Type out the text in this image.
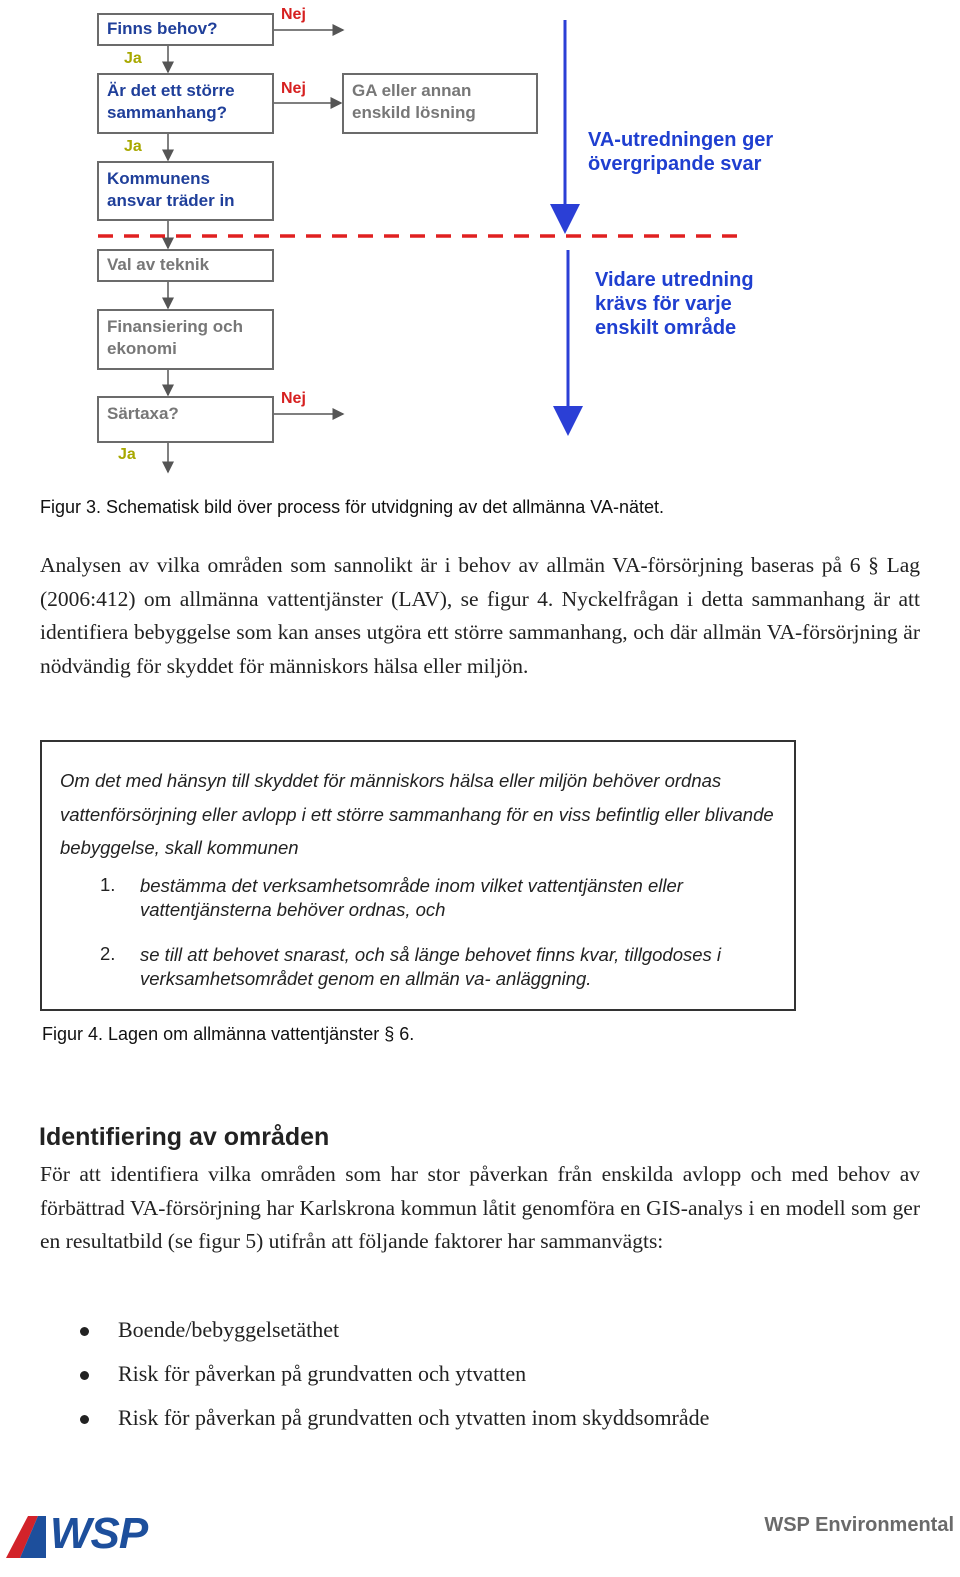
Finns behov?
Är det ett större sammanhang?
GA eller annan enskild lösning
Kommunens ansvar träder in
Val av teknik
Finansiering och ekonomi
Särtaxa?
Nej
Ja
Nej
Ja
Nej
Ja
VA-utredningen ger övergripande svar
Vidare utredning krävs för varje enskilt område
Figur 3. Schematisk bild över process för utvidgning av det allmänna VA-nätet.
Analysen av vilka områden som sannolikt är i behov av allmän VA-försörjning baseras på 6 § Lag (2006:412) om allmänna vattentjänster (LAV), se figur 4. Nyckelfrågan i detta sammanhang är att identifiera bebyggelse som kan anses utgöra ett större sammanhang, och där allmän VA-försörjning är nödvändig för skyddet för människors hälsa eller miljön.
Om det med hänsyn till skyddet för människors hälsa eller miljön behöver ordnas vattenförsörjning eller avlopp i ett större sammanhang för en viss befintlig eller blivande bebyggelse, skall kommunen
1.	bestämma det verksamhetsområde inom vilket vattentjänsten eller vattentjänsterna behöver ordnas, och
2.	se till att behovet snarast, och så länge behovet finns kvar, tillgodoses i verksamhetsområdet genom en allmän va- anläggning.
Figur 4. Lagen om allmänna vattentjänster § 6.
Identifiering av områden
För att identifiera vilka områden som har stor påverkan från enskilda avlopp och med behov av förbättrad VA-försörjning har Karlskrona kommun låtit genomföra en GIS-analys i en modell som ger en resultatbild (se figur 5) utifrån att följande faktorer har sammanvägts:
Boende/bebyggelsetäthet
Risk för påverkan på grundvatten och ytvatten
Risk för påverkan på grundvatten och ytvatten inom skyddsområde
WSP	WSP Environmental
